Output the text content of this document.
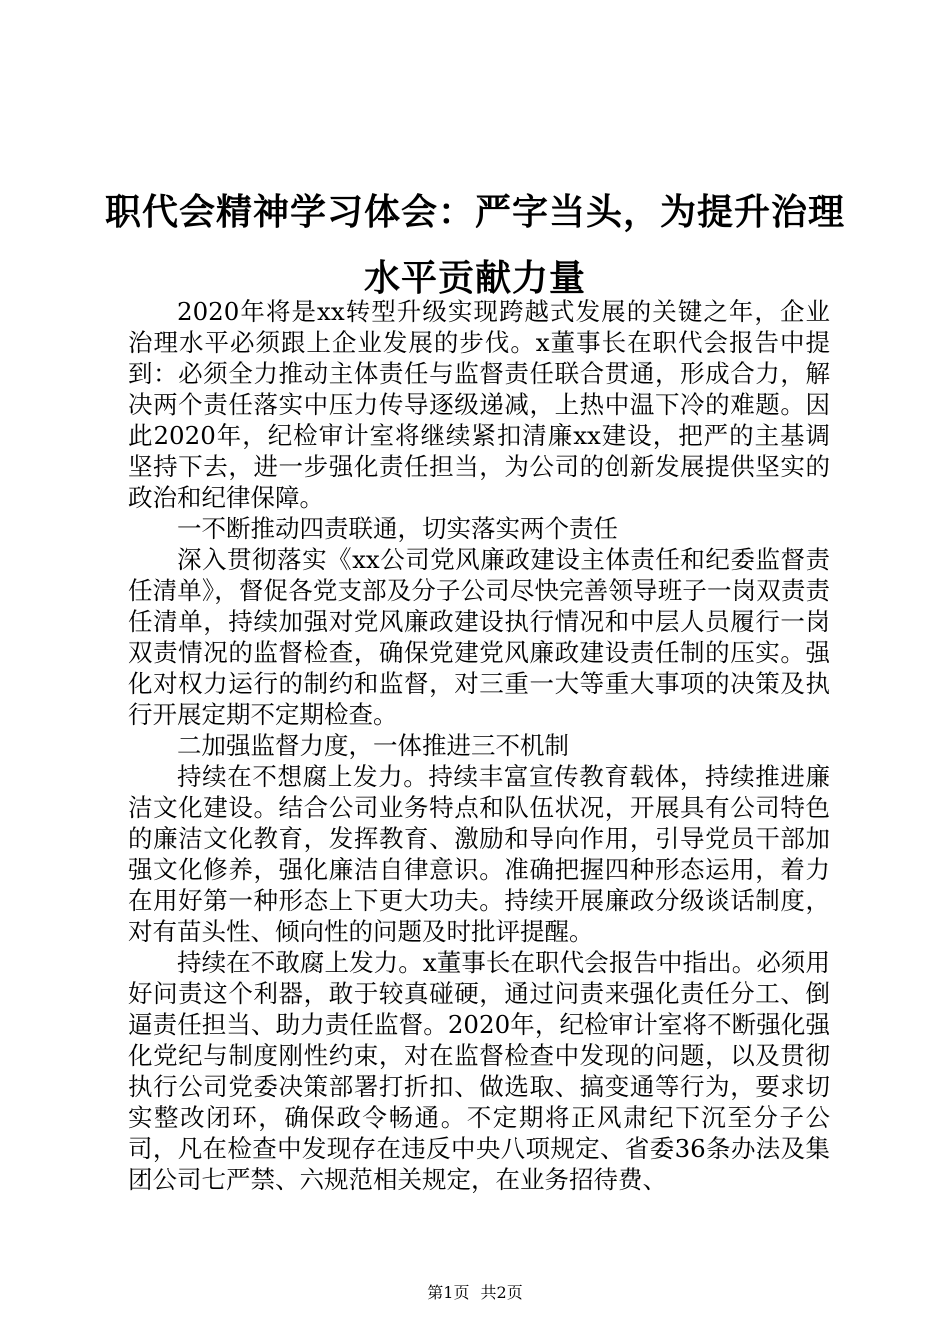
职代会精神学习体会：严字当头，为提升治理
水平贡献力量

2020年将是xx转型升级实现跨越式发展的关键之年，企业治理水平必须跟上企业发展的步伐。x董事长在职代会报告中提到：必须全力推动主体责任与监督责任联合贯通，形成合力，解决两个责任落实中压力传导逐级递减，上热中温下冷的难题。因此2020年，纪检审计室将继续紧扣清廉xx建设，把严的主基调坚持下去，进一步强化责任担当，为公司的创新发展提供坚实的政治和纪律保障。

一不断推动四责联通，切实落实两个责任

深入贯彻落实《xx公司党风廉政建设主体责任和纪委监督责任清单》，督促各党支部及分子公司尽快完善领导班子一岗双责责任清单，持续加强对党风廉政建设执行情况和中层人员履行一岗双责情况的监督检查，确保党建党风廉政建设责任制的压实。强化对权力运行的制约和监督，对三重一大等重大事项的决策及执行开展定期不定期检查。

二加强监督力度，一体推进三不机制

持续在不想腐上发力。持续丰富宣传教育载体，持续推进廉洁文化建设。结合公司业务特点和队伍状况，开展具有公司特色的廉洁文化教育，发挥教育、激励和导向作用，引导党员干部加强文化修养，强化廉洁自律意识。准确把握四种形态运用，着力在用好第一种形态上下更大功夫。持续开展廉政分级谈话制度，对有苗头性、倾向性的问题及时批评提醒。

持续在不敢腐上发力。x董事长在职代会报告中指出。必须用好问责这个利器，敢于较真碰硬，通过问责来强化责任分工、倒逼责任担当、助力责任监督。2020年，纪检审计室将不断强化强化党纪与制度刚性约束，对在监督检查中发现的问题，以及贯彻执行公司党委决策部署打折扣、做选取、搞变通等行为，要求切实整改闭环，确保政令畅通。不定期将正风肃纪下沉至分子公司，凡在检查中发现存在违反中央八项规定、省委36条办法及集团公司七严禁、六规范相关规定，在业务招待费、

第1页 共2页
